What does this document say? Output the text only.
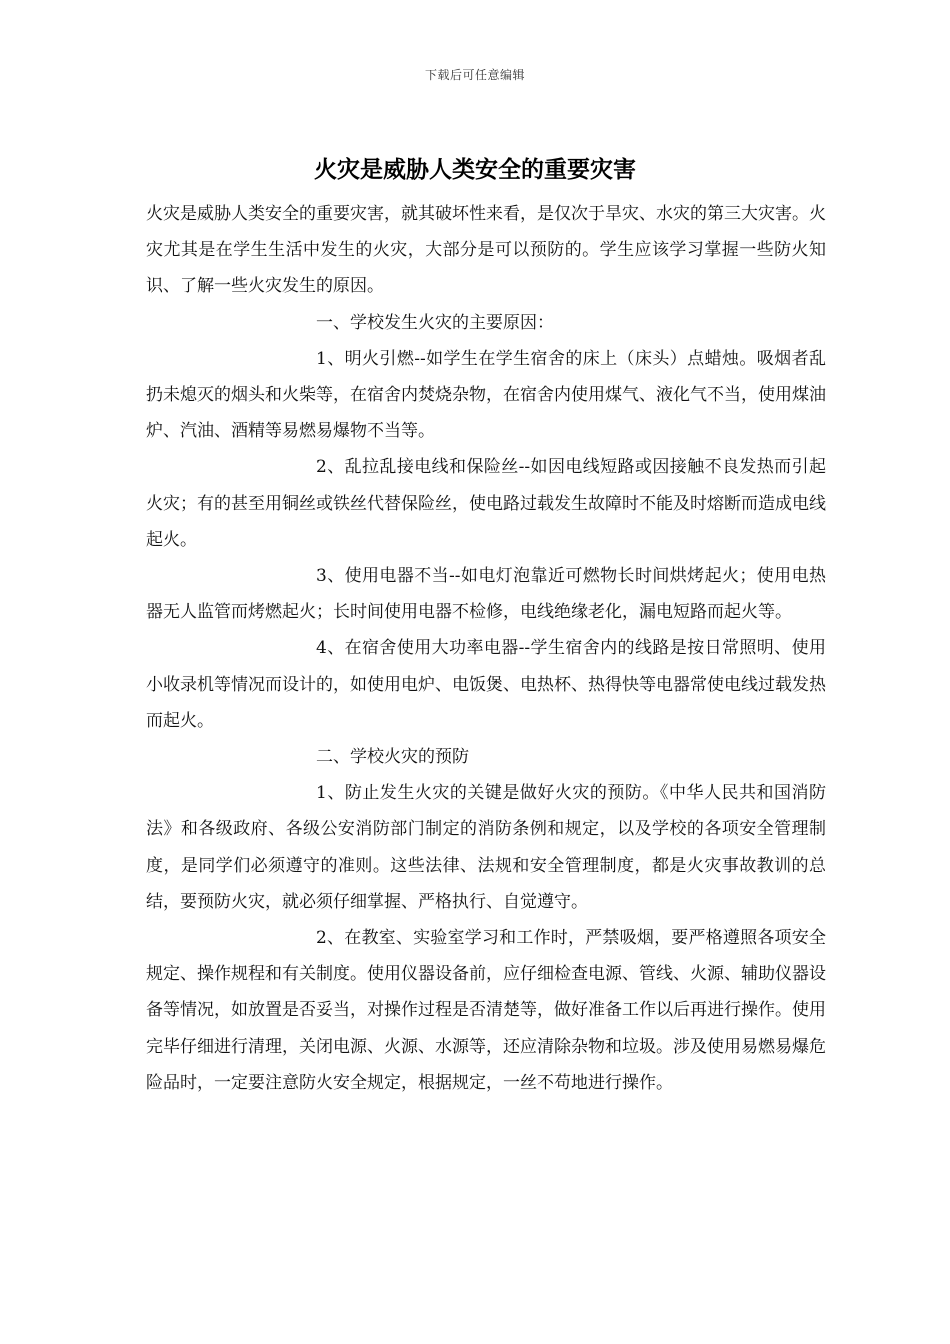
下载后可任意编辑
火灾是威胁人类安全的重要灾害

火灾是威胁人类安全的重要灾害，就其破坏性来看，是仅次于旱灾、水灾的第三大灾害。火灾尤其是在学生生活中发生的火灾，大部分是可以预防的。学生应该学习掌握一些防火知识、了解一些火灾发生的原因。

一、学校发生火灾的主要原因：

1、明火引燃--如学生在学生宿舍的床上（床头）点蜡烛。吸烟者乱扔未熄灭的烟头和火柴等，在宿舍内焚烧杂物，在宿舍内使用煤气、液化气不当，使用煤油炉、汽油、酒精等易燃易爆物不当等。

2、乱拉乱接电线和保险丝--如因电线短路或因接触不良发热而引起火灾；有的甚至用铜丝或铁丝代替保险丝，使电路过载发生故障时不能及时熔断而造成电线起火。

3、使用电器不当--如电灯泡靠近可燃物长时间烘烤起火；使用电热器无人监管而烤燃起火；长时间使用电器不检修，电线绝缘老化，漏电短路而起火等。

4、在宿舍使用大功率电器--学生宿舍内的线路是按日常照明、使用小收录机等情况而设计的，如使用电炉、电饭煲、电热杯、热得快等电器常使电线过载发热而起火。

二、学校火灾的预防

1、防止发生火灾的关键是做好火灾的预防。《中华人民共和国消防法》和各级政府、各级公安消防部门制定的消防条例和规定，以及学校的各项安全管理制度，是同学们必须遵守的准则。这些法律、法规和安全管理制度，都是火灾事故教训的总结，要预防火灾，就必须仔细掌握、严格执行、自觉遵守。

2、在教室、实验室学习和工作时，严禁吸烟，要严格遵照各项安全规定、操作规程和有关制度。使用仪器设备前，应仔细检查电源、管线、火源、辅助仪器设备等情况，如放置是否妥当，对操作过程是否清楚等，做好准备工作以后再进行操作。使用完毕仔细进行清理，关闭电源、火源、水源等，还应清除杂物和垃圾。涉及使用易燃易爆危险品时，一定要注意防火安全规定，根据规定，一丝不苟地进行操作。
